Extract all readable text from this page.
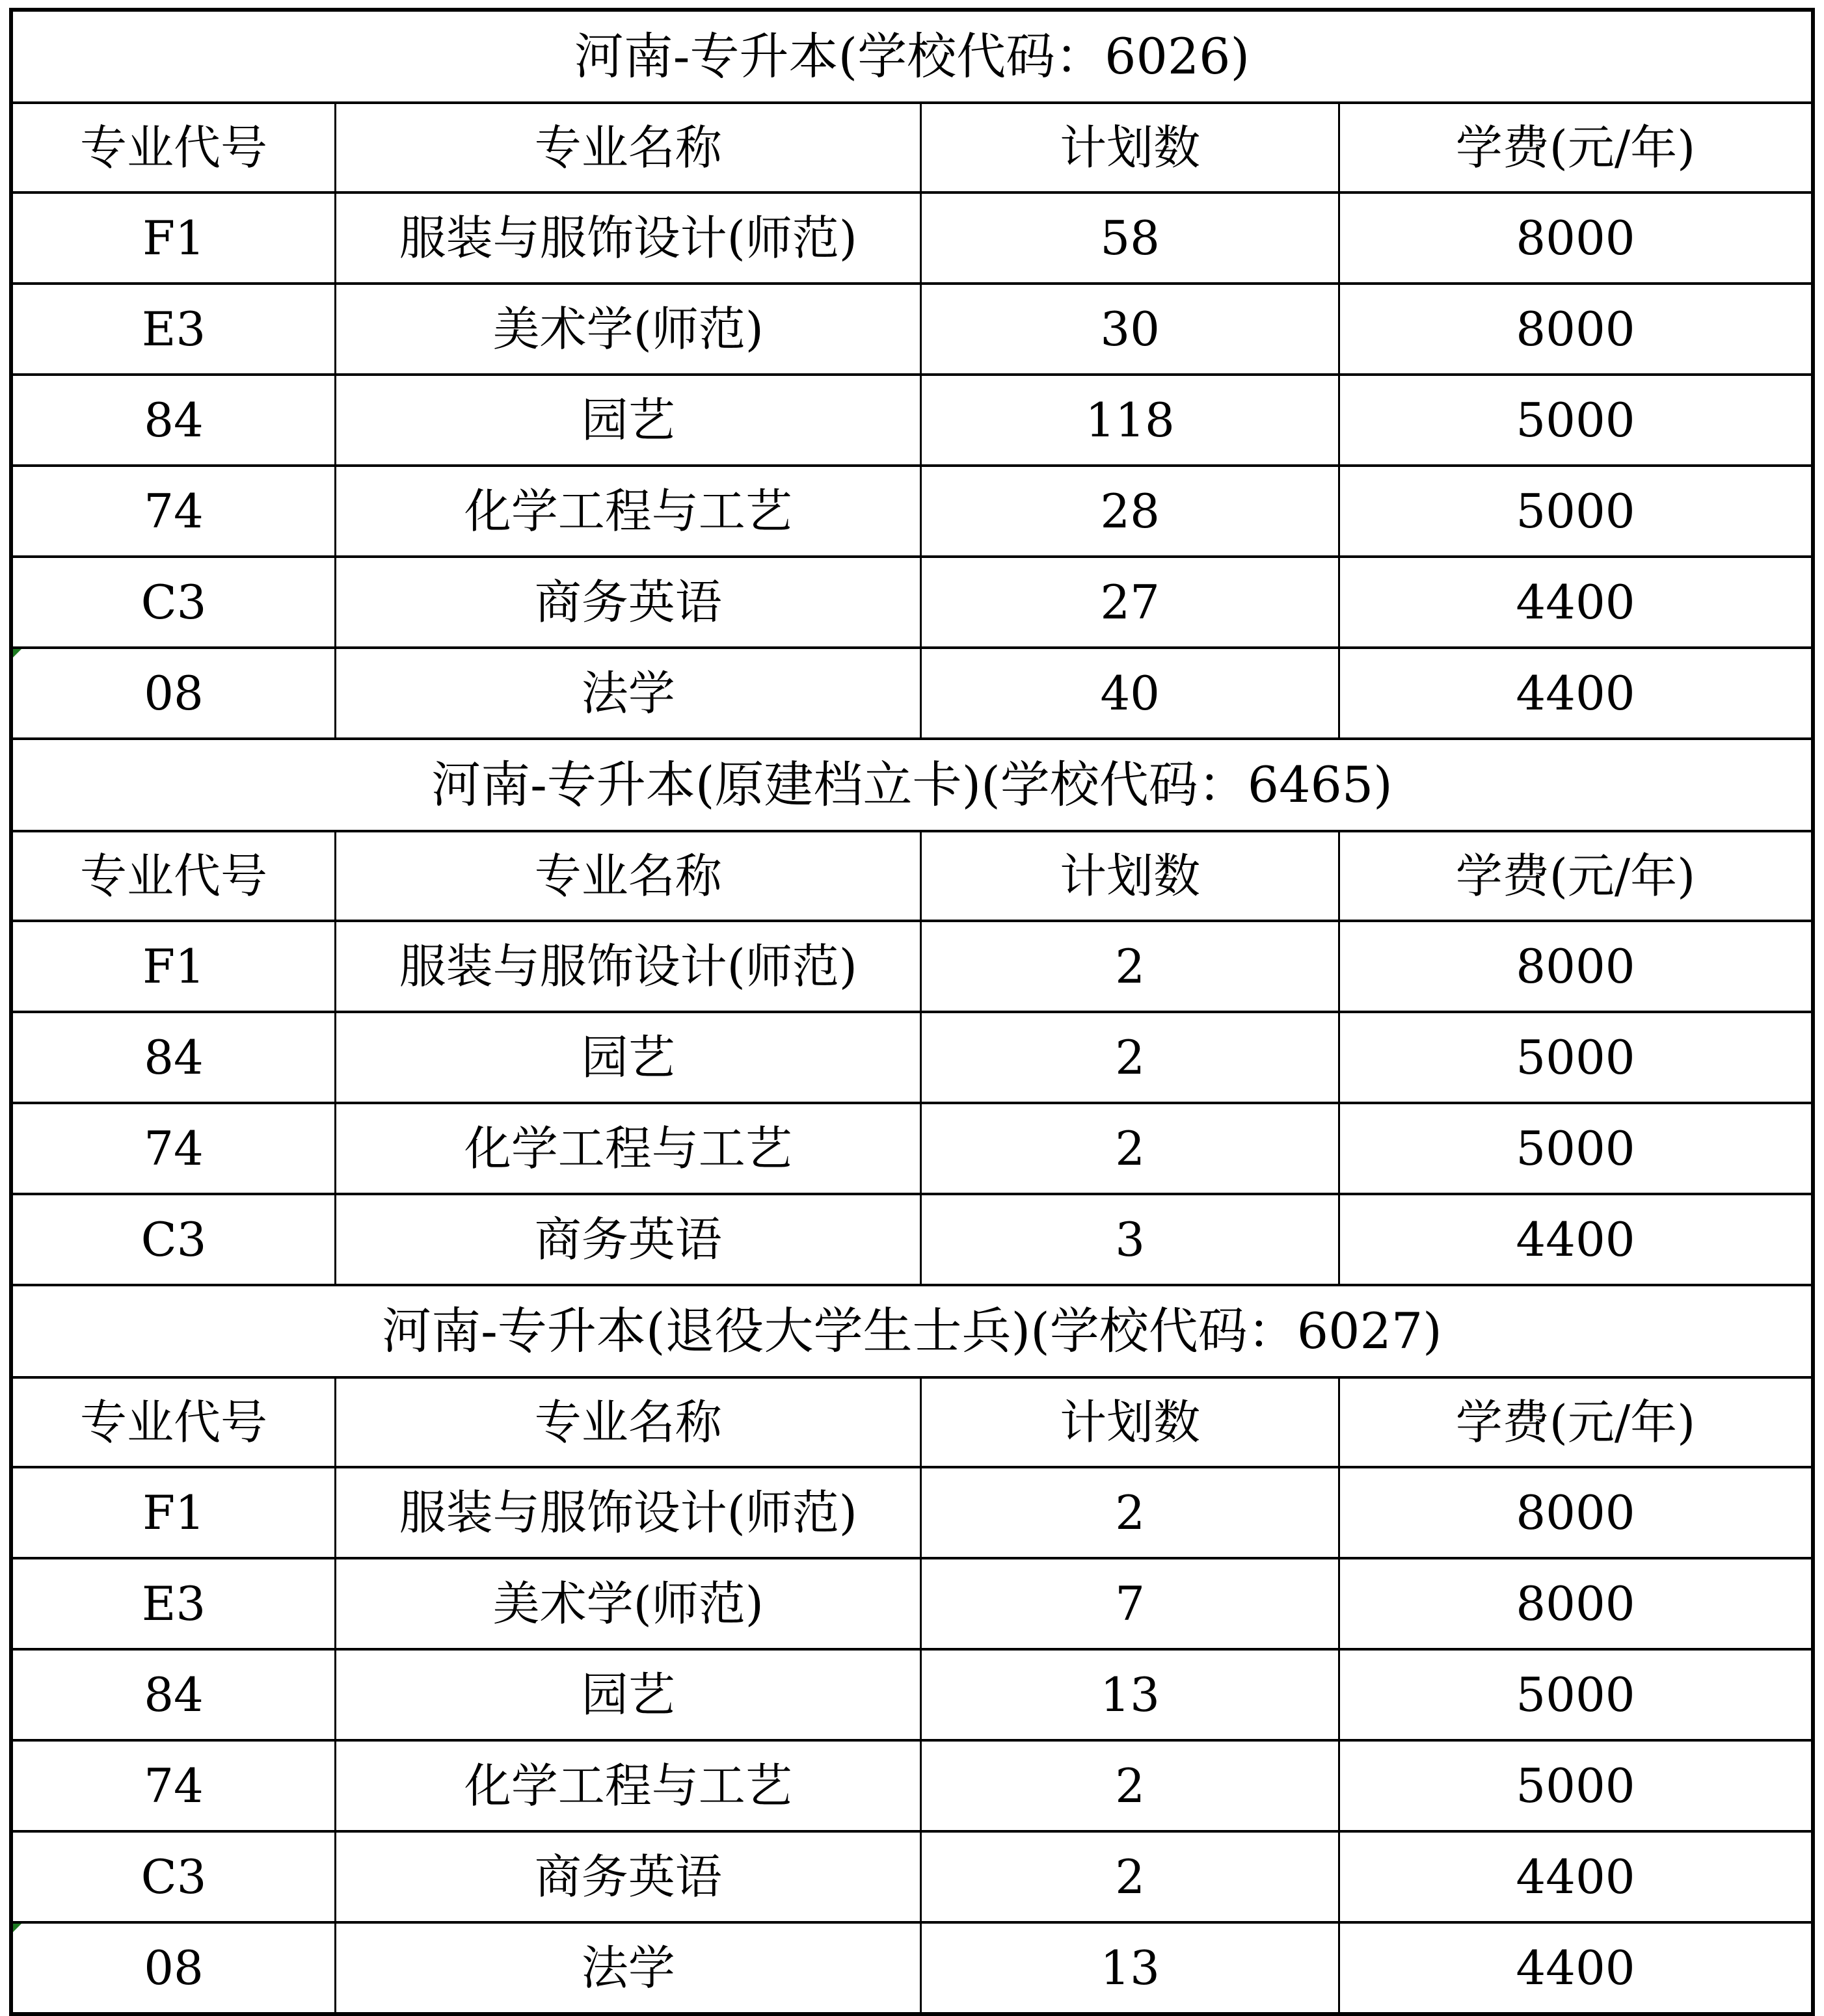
河南-专升本(学校代码：6026)			
专业代号	专业名称	计划数	学费(元/年)
F1	服装与服饰设计(师范)	58	8000
E3	美术学(师范)	30	8000
84	园艺	118	5000
74	化学工程与工艺	28	5000
C3	商务英语	27	4400

08	法学	40	4400
河南-专升本(原建档立卡)(学校代码：6465)			
专业代号	专业名称	计划数	学费(元/年)
F1	服装与服饰设计(师范)	2	8000
84	园艺	2	5000
74	化学工程与工艺	2	5000
C3	商务英语	3	4400
河南-专升本(退役大学生士兵)(学校代码：6027)			
专业代号	专业名称	计划数	学费(元/年)
F1	服装与服饰设计(师范)	2	8000
E3	美术学(师范)	7	8000
84	园艺	13	5000
74	化学工程与工艺	2	5000
C3	商务英语	2	4400

08	法学	13	4400
